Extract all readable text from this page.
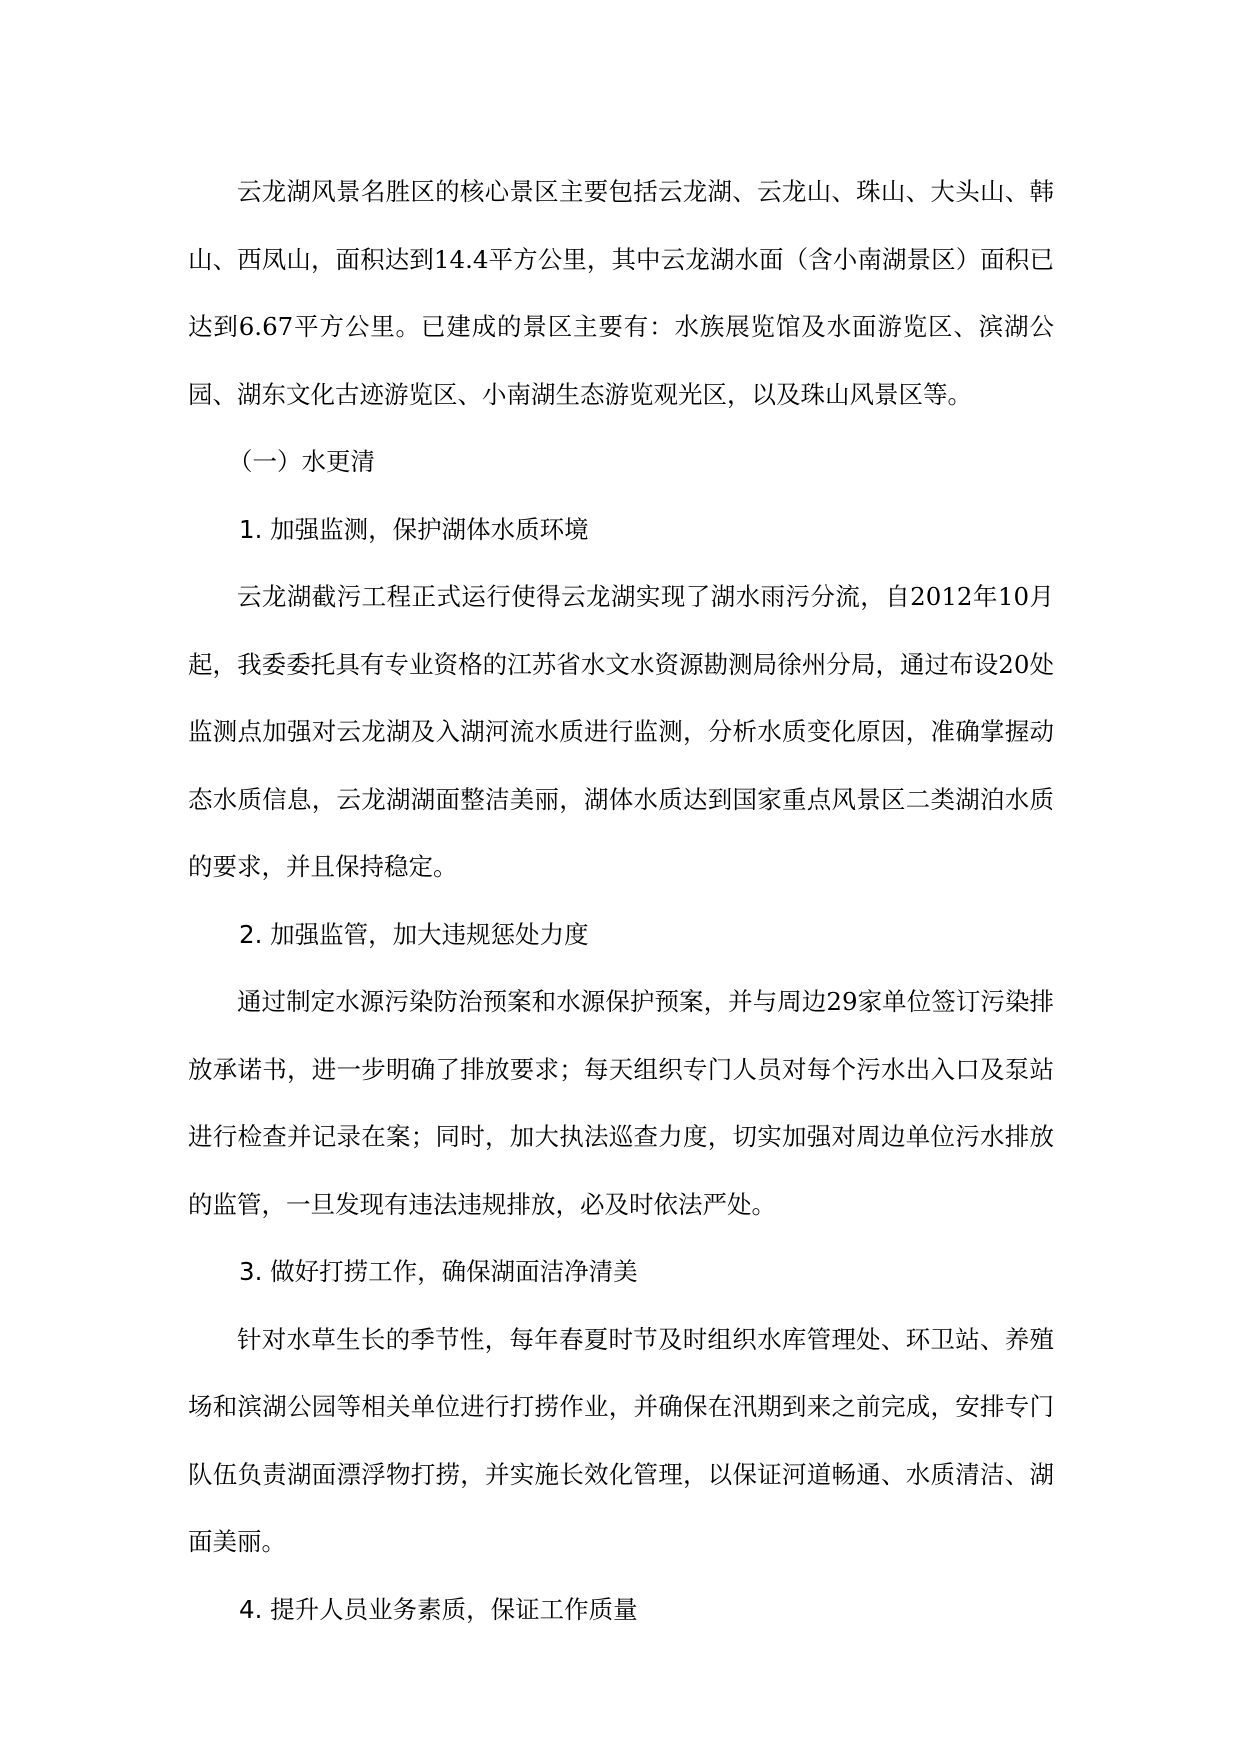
云龙湖风景名胜区的核心景区主要包括云龙湖、云龙山、珠山、大头山、韩山、西凤山，面积达到14.4平方公里，其中云龙湖水面（含小南湖景区）面积已达到6.67平方公里。已建成的景区主要有：水族展览馆及水面游览区、滨湖公园、湖东文化古迹游览区、小南湖生态游览观光区，以及珠山风景区等。

（一）水更清
1. 加强监测，保护湖体水质环境

云龙湖截污工程正式运行使得云龙湖实现了湖水雨污分流，自2012年10月起，我委委托具有专业资格的江苏省水文水资源勘测局徐州分局，通过布设20处监测点加强对云龙湖及入湖河流水质进行监测，分析水质变化原因，准确掌握动态水质信息，云龙湖湖面整洁美丽，湖体水质达到国家重点风景区二类湖泊水质的要求，并且保持稳定。

2. 加强监管，加大违规惩处力度

通过制定水源污染防治预案和水源保护预案，并与周边29家单位签订污染排放承诺书，进一步明确了排放要求；每天组织专门人员对每个污水出入口及泵站进行检查并记录在案；同时，加大执法巡查力度，切实加强对周边单位污水排放的监管，一旦发现有违法违规排放，必及时依法严处。

3. 做好打捞工作，确保湖面洁净清美

针对水草生长的季节性，每年春夏时节及时组织水库管理处、环卫站、养殖场和滨湖公园等相关单位进行打捞作业，并确保在汛期到来之前完成，安排专门队伍负责湖面漂浮物打捞，并实施长效化管理，以保证河道畅通、水质清洁、湖面美丽。

4. 提升人员业务素质，保证工作质量
